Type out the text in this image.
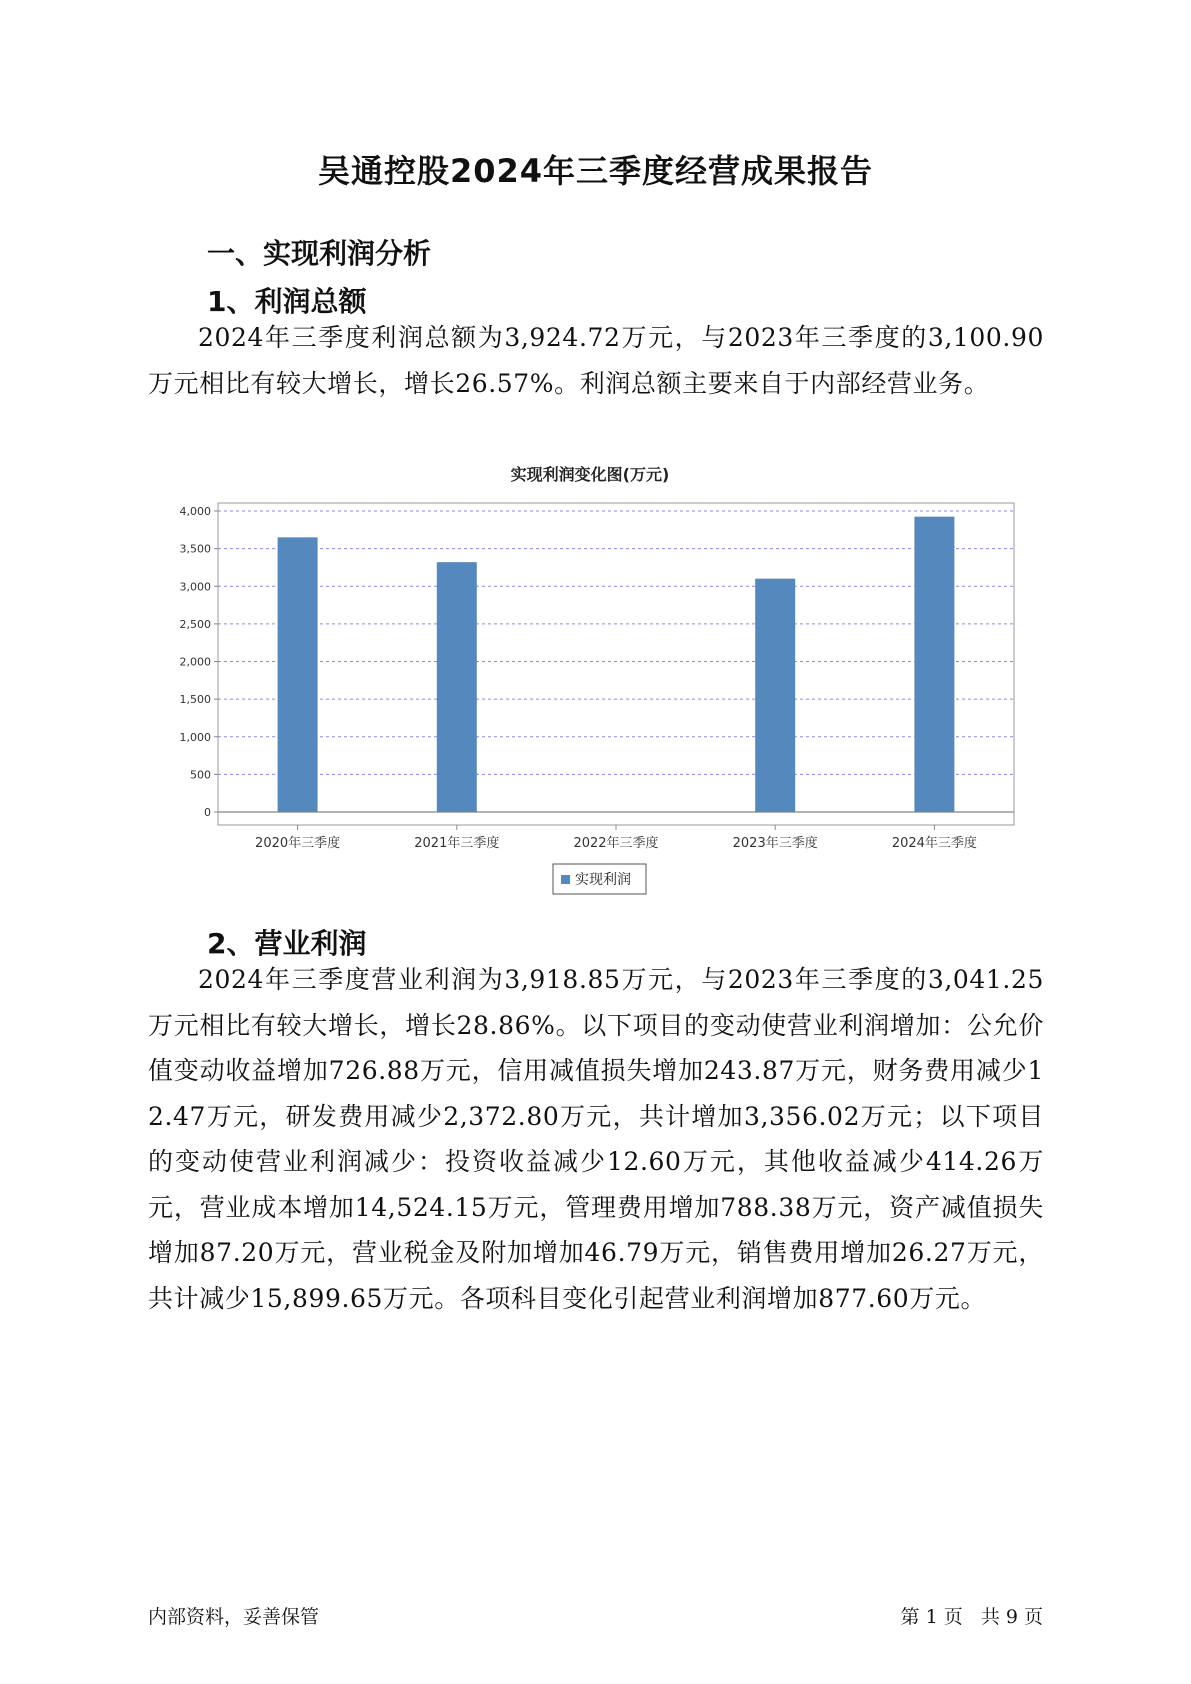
吴通控股2024年三季度经营成果报告
一、实现利润分析
1、利润总额
2024年三季度利润总额为3,924.72万元，与2023年三季度的3,100.90万元相比有较大增长，增长26.57%。利润总额主要来自于内部经营业务。
实现利润变化图(万元)
0
500
1,000
1,500
2,000
2,500
3,000
3,500
4,000
2020年三季度	2021年三季度	2022年三季度	2023年三季度	2024年三季度
实现利润
2、营业利润
2024年三季度营业利润为3,918.85万元，与2023年三季度的3,041.25万元相比有较大增长，增长28.86%。以下项目的变动使营业利润增加：公允价值变动收益增加726.88万元，信用减值损失增加243.87万元，财务费用减少12.47万元，研发费用减少2,372.80万元，共计增加3,356.02万元；以下项目的变动使营业利润减少：投资收益减少12.60万元，其他收益减少414.26万元，营业成本增加14,524.15万元，管理费用增加788.38万元，资产减值损失增加87.20万元，营业税金及附加增加46.79万元，销售费用增加26.27万元，共计减少15,899.65万元。各项科目变化引起营业利润增加877.60万元。
内部资料，妥善保管	第 1 页   共 9 页
